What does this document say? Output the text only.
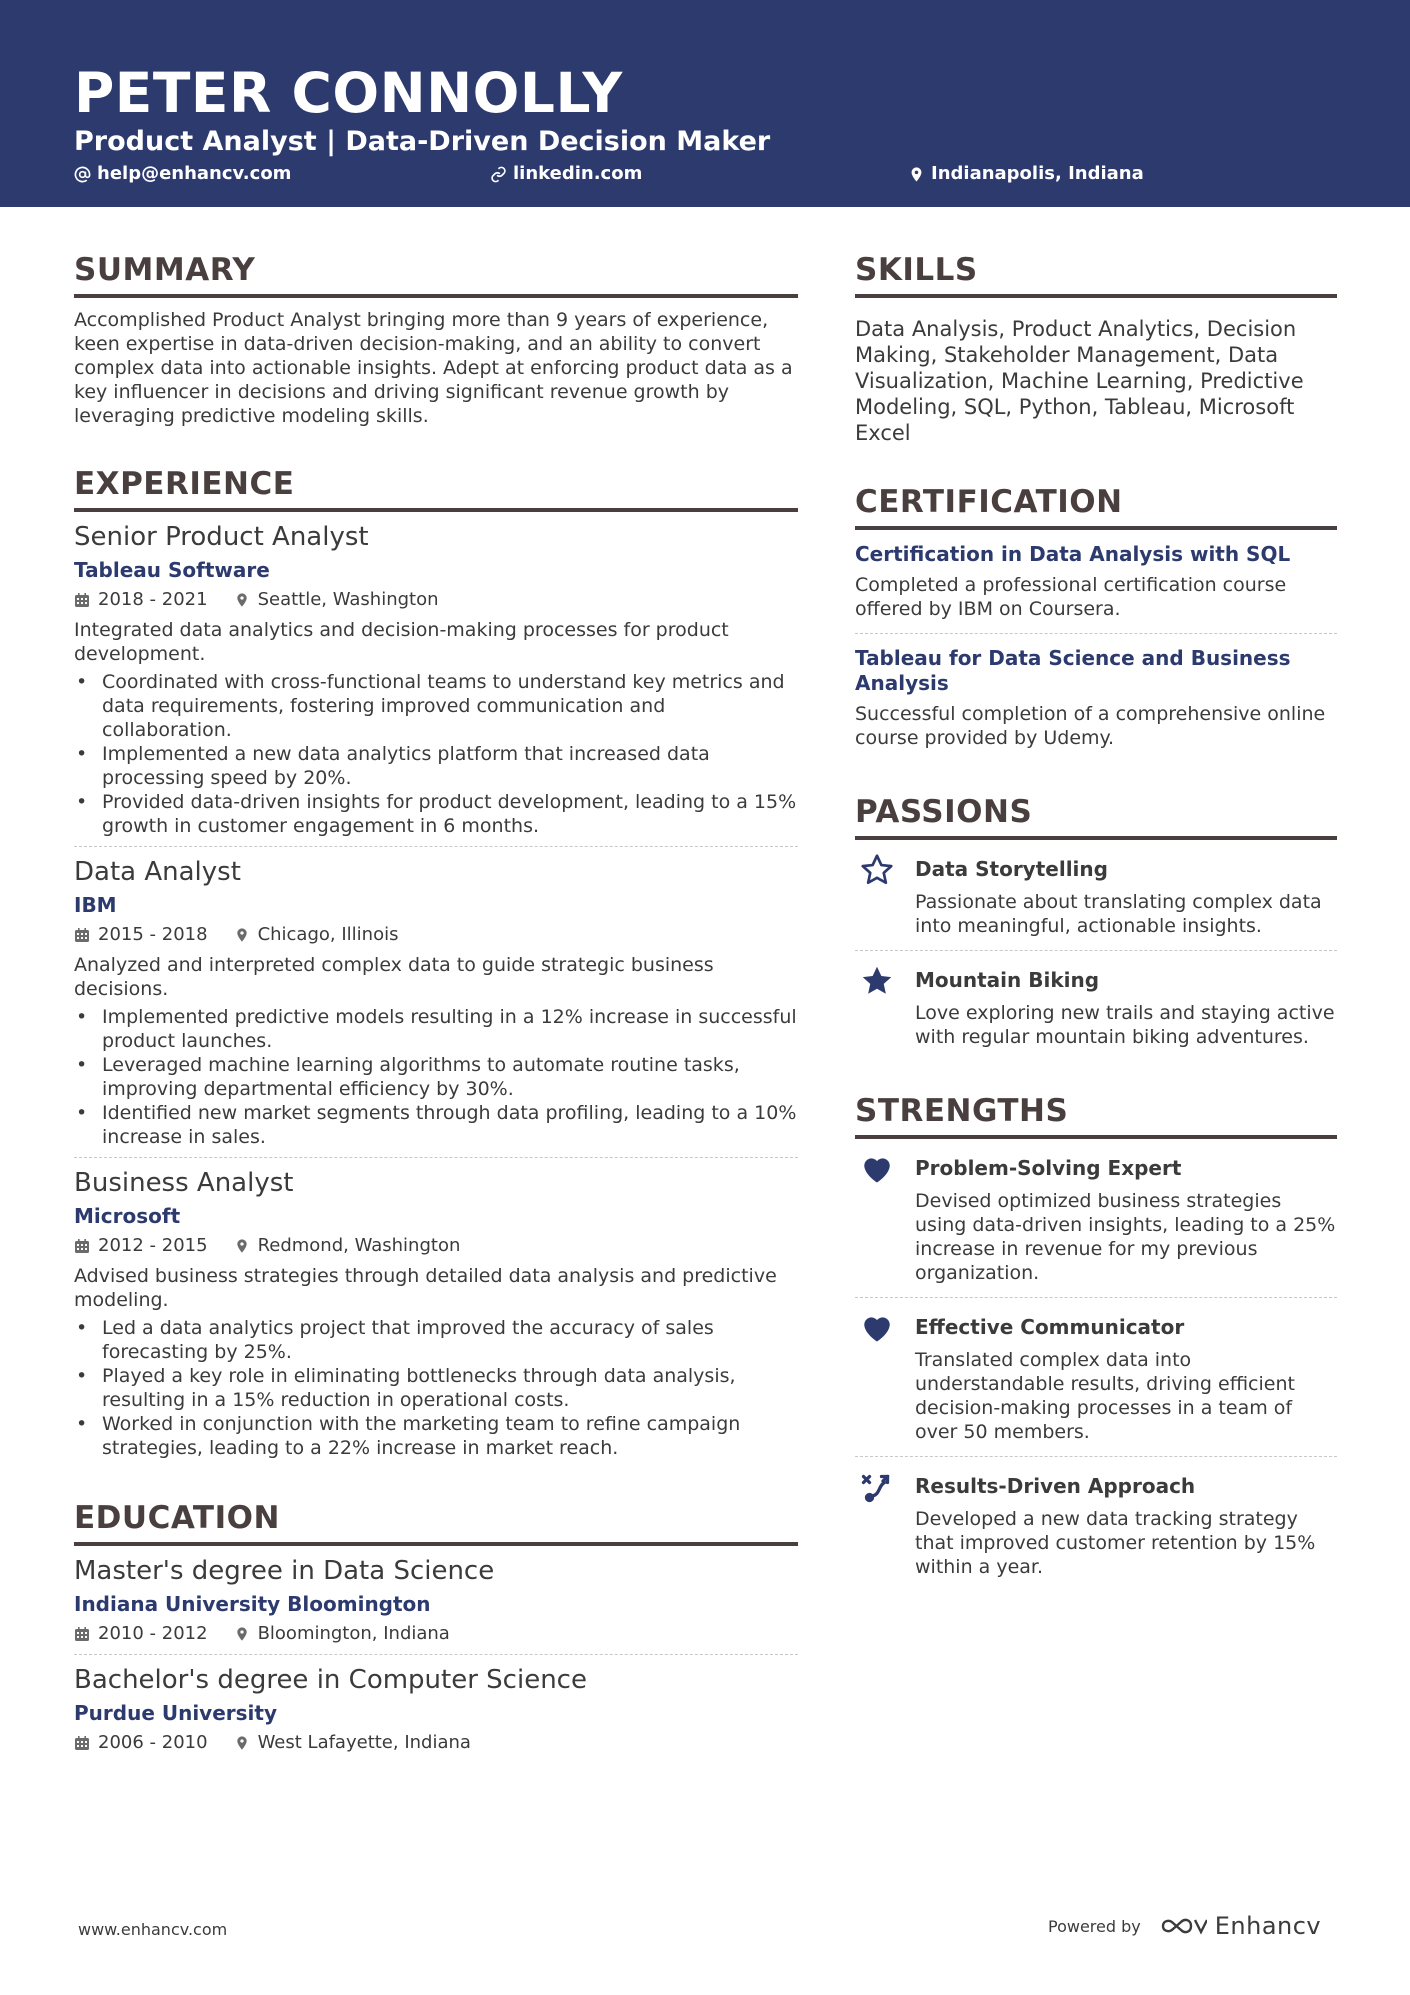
PETER CONNOLLY
Product Analyst | Data-Driven Decision Maker
help@enhancv.com	linkedin.com	Indianapolis, Indiana
SUMMARY
Accomplished Product Analyst bringing more than 9 years of experience, keen expertise in data-driven decision-making, and an ability to convert complex data into actionable insights. Adept at enforcing product data as a key influencer in decisions and driving significant revenue growth by leveraging predictive modeling skills.
EXPERIENCE
Senior Product Analyst
Tableau Software
2018 - 2021	Seattle, Washington
Integrated data analytics and decision-making processes for product development.
• Coordinated with cross-functional teams to understand key metrics and data requirements, fostering improved communication and collaboration.
• Implemented a new data analytics platform that increased data processing speed by 20%.
• Provided data-driven insights for product development, leading to a 15% growth in customer engagement in 6 months.
Data Analyst
IBM
2015 - 2018	Chicago, Illinois
Analyzed and interpreted complex data to guide strategic business decisions.
• Implemented predictive models resulting in a 12% increase in successful product launches.
• Leveraged machine learning algorithms to automate routine tasks, improving departmental efficiency by 30%.
• Identified new market segments through data profiling, leading to a 10% increase in sales.
Business Analyst
Microsoft
2012 - 2015	Redmond, Washington
Advised business strategies through detailed data analysis and predictive modeling.
• Led a data analytics project that improved the accuracy of sales forecasting by 25%.
• Played a key role in eliminating bottlenecks through data analysis, resulting in a 15% reduction in operational costs.
• Worked in conjunction with the marketing team to refine campaign strategies, leading to a 22% increase in market reach.
EDUCATION
Master's degree in Data Science
Indiana University Bloomington
2010 - 2012	Bloomington, Indiana
Bachelor's degree in Computer Science
Purdue University
2006 - 2010	West Lafayette, Indiana
SKILLS
Data Analysis, Product Analytics, Decision Making, Stakeholder Management, Data Visualization, Machine Learning, Predictive Modeling, SQL, Python, Tableau, Microsoft Excel
CERTIFICATION
Certification in Data Analysis with SQL
Completed a professional certification course offered by IBM on Coursera.
Tableau for Data Science and Business Analysis
Successful completion of a comprehensive online course provided by Udemy.
PASSIONS
Data Storytelling
Passionate about translating complex data into meaningful, actionable insights.
Mountain Biking
Love exploring new trails and staying active with regular mountain biking adventures.
STRENGTHS
Problem-Solving Expert
Devised optimized business strategies using data-driven insights, leading to a 25% increase in revenue for my previous organization.
Effective Communicator
Translated complex data into understandable results, driving efficient decision-making processes in a team of over 50 members.
Results-Driven Approach
Developed a new data tracking strategy that improved customer retention by 15% within a year.
www.enhancv.com	Powered by	Enhancv
